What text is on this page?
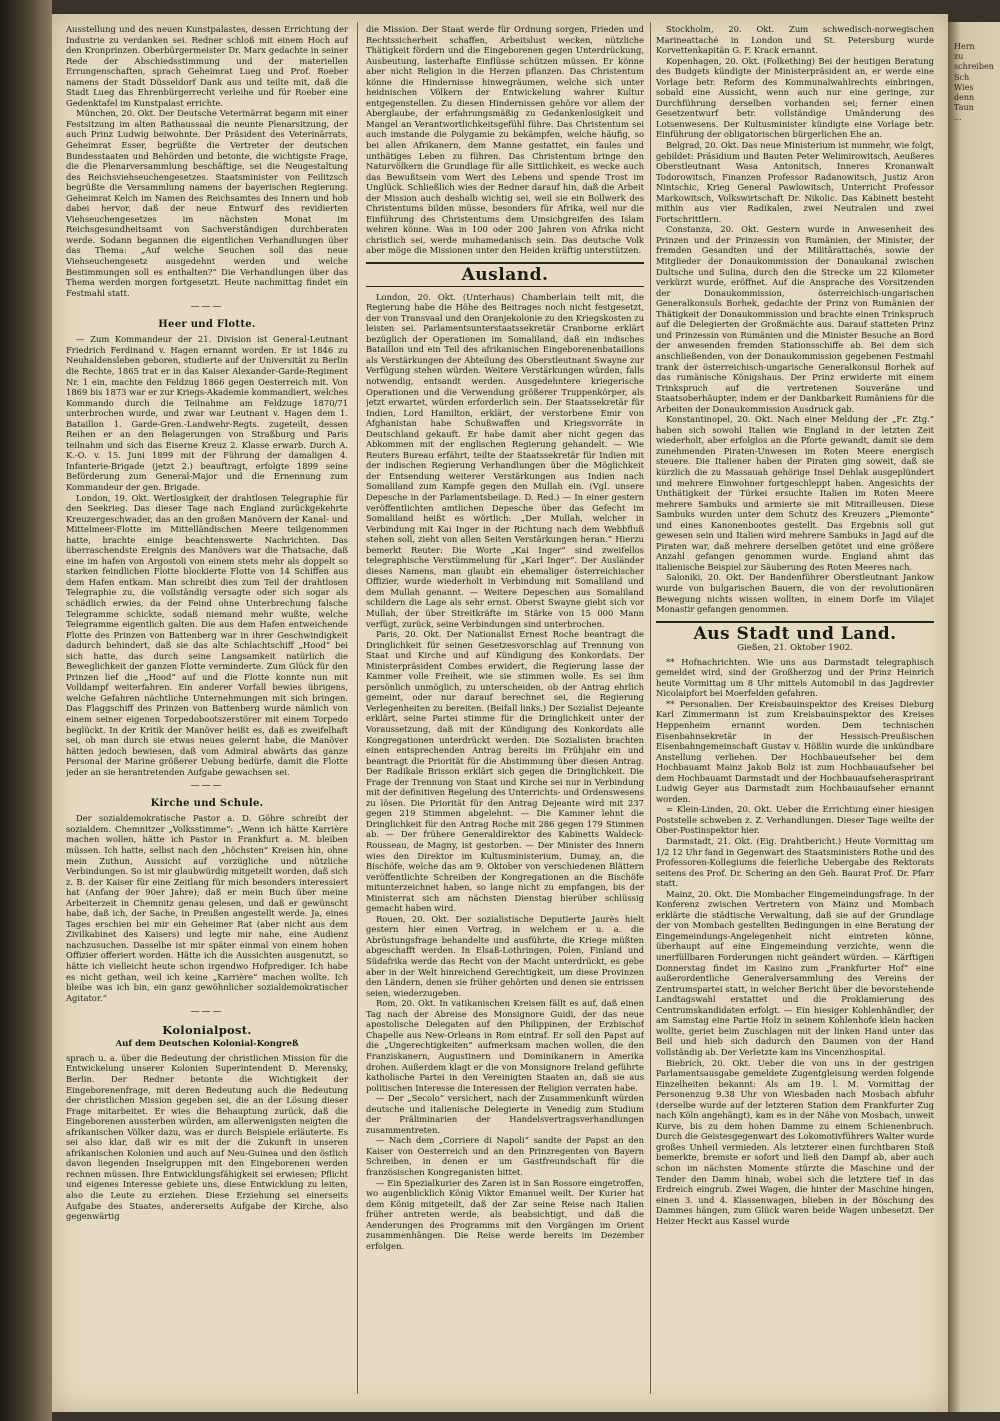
Ausstellung und des neuen Kunstpalastes, dessen Errichtung der Industrie zu verdanken sei. Redner schloß mit einem Hoch auf den Kronprinzen. Oberbürgermeister Dr. Marx gedachte in seiner Rede der Abschiedsstimmung und der materiellen Errungenschaften, sprach Geheimrat Lueg und Prof. Roeber namens der Stadt Düsseldorf Dank aus und teilte mit, daß die Stadt Lueg das Ehrenbürgerrecht verleihe und für Roeber eine Gedenktafel im Kunstpalast errichte.

München, 20. Okt. Der Deutsche Veterinärrat begann mit einer Festsitzung im alten Rathaussaal die neunte Plenarsitzung, der auch Prinz Ludwig beiwohnte. Der Präsident des Veterinärrats, Geheimrat Esser, begrüßte die Vertreter der deutschen Bundesstaaten und Behörden und betonte, die wichtigste Frage, die die Plenarversammlung beschäftige, sei die Neugestaltung des Reichsviehseuchengesetzes. Staatsminister von Feilitzsch begrüßte die Versammlung namens der bayerischen Regierung. Geheimrat Kelch im Namen des Reichsamtes des Innern und hob dabei hervor, daß der neue Entwurf des revidierten Viehseuchengesetzes im nächsten Monat im Reichsgesundheitsamt von Sachverständigen durchberaten werde. Sodann begannen die eigentlichen Verhandlungen über das Thema: „Auf welche Seuchen soll das neue Viehseuchengesetz ausgedehnt werden und welche Bestimmungen soll es enthalten?“ Die Verhandlungen über das Thema werden morgen fortgesetzt. Heute nachmittag findet ein Festmahl statt.

———
Heer und Flotte.

— Zum Kommandeur der 21. Division ist General-Leutnant Friedrich Ferdinand v. Hagen ernannt worden. Er ist 1846 zu Neuhaldensleben geboren, studierte auf der Universität zu Berlin die Rechte, 1865 trat er in das Kaiser Alexander-Garde-Regiment Nr. 1 ein, machte den Feldzug 1866 gegen Oesterreich mit. Von 1869 bis 1873 war er zur Kriegs-Akademie kommandiert, welches Kommando durch die Teilnahme am Feldzuge 1870/71 unterbrochen wurde, und zwar war Leutnant v. Hagen dem 1. Bataillon 1. Garde-Gren.-Landwehr-Regts. zugeteilt, dessen Reihen er an den Belagerungen von Straßburg und Paris teilnahm und sich das Eiserne Kreuz 2. Klasse erwarb. Durch A. K.-O. v. 15. Juni 1899 mit der Führung der damaligen 4. Infanterie-Brigade (jetzt 2.) beauftragt, erfolgte 1899 seine Beförderung zum General-Major und die Ernennung zum Kommandeur der gen. Brigade.

London, 19. Okt. Wertlosigkeit der drahtlosen Telegraphie für den Seekrieg. Das dieser Tage nach England zurückgekehrte Kreuzergeschwader, das an den großen Manövern der Kanal- und Mittelmeer-Flotte im Mittelländischen Meere teilgenommen hatte, brachte einige beachtenswerte Nachrichten. Das überraschendste Ereignis des Manövers war die Thatsache, daß eine im hafen von Argostoli von einem stets mehr als doppelt so starken feindlichen Flotte blockierte Flotte von 14 Schiffen aus dem Hafen entkam. Man schreibt dies zum Teil der drahtlosen Telegraphie zu, die vollständig versagte oder sich sogar als schädlich erwies, da der Feind ohne Unterbrechung falsche Telegramme schickte, sodaß niemand mehr wußte, welche Telegramme eigentlich galten. Die aus dem Hafen entweichende Flotte des Prinzen von Battenberg war in ihrer Geschwindigkeit dadurch behindert, daß sie das alte Schlachtschiff „Hood“ bei sich hatte, das durch seine Langsamkeit natürlich die Beweglichkeit der ganzen Flotte verminderte. Zum Glück für den Prinzen lief die „Hood“ auf und die Flotte konnte nun mit Volldampf weiterfahren. Ein anderer Vorfall bewies übrigens, welche Gefahren nächtliche Unternehmungen mit sich bringen. Das Flaggschiff des Prinzen von Battenberg wurde nämlich von einem seiner eigenen Torpedobootszerstörer mit einem Torpedo beglückt. In der Kritik der Manöver heißt es, daß es zweifelhaft sei, ob man durch sie etwas neues gelernt habe, die Manöver hätten jedoch bewiesen, daß vom Admiral abwärts das ganze Personal der Marine größerer Uebung bedürfe, damit die Flotte jeder an sie herantretenden Aufgabe gewachsen sei.

———
Kirche und Schule.

Der sozialdemokratische Pastor a. D. Göhre schreibt der sozialdem. Chemnitzer „Volksstimme“: „Wenn ich hätte Karrière machen wollen, hätte ich Pastor in Frankfurt a. M. bleiben müssen. Ich hatte, selbst nach den „höchsten“ Kreisen hin, ohne mein Zuthun, Aussicht auf vorzügliche und nützliche Verbindungen. So ist mir glaubwürdig mitgeteilt worden, daß sich z. B. der Kaiser für eine Zeitlang für mich besonders interessiert hat (Anfang der 90er Jahre); daß er mein Buch über meine Arbeiterzeit in Chemnitz genau gelesen, und daß er gewünscht habe, daß ich, der Sache, in Preußen angestellt werde. Ja, eines Tages erschien bei mir ein Geheimer Rat (aber nicht aus dem Zivilkabinet des Kaisers) und legte mir nahe, eine Audienz nachzusuchen. Dasselbe ist mir später einmal von einem hohen Offizier offeriert worden. Hätte ich die Aussichten ausgenutzt, so hätte ich vielleicht heute schon irgendwo Hofprediger. Ich habe es nicht gethan, weil ich keine „Karrière“ machen wollte. Ich bleibe was ich bin, ein ganz gewöhnlicher sozialdemokratischer Agitator.“

———
Kolonialpost.
Auf dem Deutschen Kolonial-Kongreß

sprach u. a. über die Bedeutung der christlichen Mission für die Entwickelung unserer Kolonien Superintendent D. Merensky, Berlin. Der Redner betonte die Wichtigkeit der Eingeborenenfrage, mit deren Bedeutung auch die Bedeutung der christlichen Mission gegeben sei, die an der Lösung dieser Frage mitarbeitet. Er wies die Behauptung zurück, daß die Eingeborenen aussterben würden, am allerwenigsten neigten die afrikanischen Völker dazu, was er durch Beispiele erläuterte. Es sei also klar, daß wir es mit der die Zukunft in unseren afrikanischen Kolonien und auch auf Neu-Guinea und den östlich davon liegenden Inselgruppen mit den Eingeborenen werden rechnen müssen. Ihre Entwicklungsfähigkeit sei erwiesen; Pflicht und eigenes Interesse gebiete uns, diese Entwicklung zu leiten, also die Leute zu erziehen. Diese Erziehung sei einerseits Aufgabe des Staates, andererseits Aufgabe der Kirche, also gegenwärtig

die Mission. Der Staat werde für Ordnung sorgen, Frieden und Rechtssicherheit schaffen, Arbeitslust wecken, nützliche Thätigkeit fördern und die Eingeborenen gegen Unterdrückung, Ausbeutung, lasterhafte Einflüsse schützen müssen. Er könne aber nicht Religion in die Herzen pflanzen. Das Christentum könne die Hindernisse hinwegräumen, welche sich unter heidnischen Völkern der Entwickelung wahrer Kultur entgegenstellen. Zu diesen Hindernissen gehöre vor allem der Aberglaube, der erfahrungsmäßig zu Gedankenlosigkeit und Mangel an Verantwortlichkeitsgefühl führe. Das Christentum sei auch imstande die Polygamie zu bekämpfen, welche häufig, so bei allen Afrikanern, dem Manne gestattet, ein faules und unthätiges Leben zu führen. Das Christentum bringe den Naturvölkern die Grundlage für alle Sittlichkeit, es wecke auch das Bewußtsein vom Wert des Lebens und spende Trost im Unglück. Schließlich wies der Redner darauf hin, daß die Arbeit der Mission auch deshalb wichtig sei, weil sie ein Bollwerk des Christentums bilden müsse, besonders für Afrika, weil nur die Einführung des Christentums dem Umsichgreifen des Islam wehren könne. Was in 100 oder 200 Jahren von Afrika nicht christlich sei, werde muhamedanisch sein. Das deutsche Volk aber möge die Missionen unter den Heiden kräftig unterstützen.

Ausland.

London, 20. Okt. (Unterhaus) Chamberlain teilt mit, die Regierung habe die Höhe des Beitrages noch nicht festgesetzt, der von Transvaal und den Oranjekolonie zu den Kriegskosten zu leisten sei. Parlamentsunterstaatssekretär Cranborne erklärt bezüglich der Operationen im Somaliland, daß ein indisches Bataillon und ein Teil des afrikanischen Eingeborenenbataillons als Verstärkungen der Abteilung des Oberstleutnant Swayne zur Verfügung stehen würden. Weitere Verstärkungen würden, falls notwendig, entsandt werden. Ausgedehntere kriegerische Operationen und die Verwendung größerer Truppenkörper, als jetzt erwartet, würden erforderlich sein. Der Staatssekretär für Indien, Lord Hamilton, erklärt, der verstorbene Emir von Afghanistan habe Schußwaffen und Kriegsvorräte in Deutschland gekauft. Er habe damit aber nicht gegen das Abkommen mit der englischen Regierung gehandelt. — Wie Reuters Bureau erfährt, teilte der Staatssekretär für Indien mit der indischen Regierung Verhandlungen über die Möglichkeit der Entsendung weiterer Verstärkungen aus Indien nach Somaliland zum Kampfe gegen den Mullah ein. (Vgl. unsere Depesche in der Parlamentsbeilage. D. Red.) — In einer gestern veröffentlichten amtlichen Depesche über das Gefecht im Somaliland heißt es wörtlich: „Der Mullah, welcher in Verbindung mit Kai Inger in der Richtung nach dem Webbfluß stehen soll, zieht von allen Seiten Verstärkungen heran.“ Hierzu bemerkt Reuter: Die Worte „Kai Inger“ sind zweifellos telegraphische Verstümmelung für „Karl Inger“. Der Ausländer dieses Namens, man glaubt ein ehemaliger österreichischer Offizier, wurde wiederholt in Verbindung mit Somaliland und dem Mullah genannt. — Weitere Depeschen aus Somaliland schildern die Lage als sehr ernst. Oberst Swayne giebt sich vor Mullah, der über Streitkräfte im Stärke von 15 000 Mann verfügt, zurück, seine Verbindungen sind unterbrochen.

Paris, 20. Okt. Der Nationalist Ernest Roche beantragt die Dringlichkeit für seinen Gesetzesvorschlag auf Trennung von Staat und Kirche und auf Kündigung des Konkordats. Der Ministerpräsident Combes erwidert, die Regierung lasse der Kammer volle Freiheit, wie sie stimmen wolle. Es sei ihm persönlich unmöglich, zu unterscheiden, ob der Antrag ehrlich gemeint, oder nur darauf berechnet sei, die Regierung Verlegenheiten zu bereiten. (Beifall links.) Der Sozialist Dejeante erklärt, seine Partei stimme für die Dringlichkeit unter der Voraussetzung, daß mit der Kündigung des Konkordats alle Kongregationen unterdrückt werden. Die Sozialisten brachten einen entsprechenden Antrag bereits im Frühjahr ein und beantragt die Priorität für die Abstimmung über diesen Antrag. Der Radikale Brisson erklärt sich gegen die Dringlichkeit. Die Frage der Trennung von Staat und Kirche sei nur in Verbindung mit der definitiven Regelung des Unterrichts- und Ordenswesens zu lösen. Die Priorität für den Antrag Dejeante wird mit 237 gegen 219 Stimmen abgelehnt. — Die Kammer lehnt die Dringlichkeit für den Antrag Roche mit 286 gegen 179 Stimmen ab. — Der frühere Generaldirektor des Kabinetts Waldeck-Rousseau, de Magny, ist gestorben. — Der Minister des Innern wies den Direktor im Kultusministerium, Dumay, an, die Bischöfe, welche das am 9. Oktober von verschiedenen Blättern veröffentlichte Schreiben der Kongregationen an die Bischöfe mitunterzeichnet haben, so lange nicht zu empfangen, bis der Ministerrat sich am nächsten Dienstag hierüber schlüssig gemacht haben wird.

Rouen, 20. Okt. Der sozialistische Deputierte Jaurès hielt gestern hier einen Vortrag, in welchem er u. a. die Abrüstungsfrage behandelte und ausführte, die Kriege müßten abgeschafft werden. In Elsaß-Lothringen, Polen, Finland und Südafrika werde das Recht von der Macht unterdrückt, es gebe aber in der Welt hinreichend Gerechtigkeit, um diese Provinzen den Ländern, denen sie früher gehörten und denen sie entrissen seien, wiederzugeben.

Rom, 20. Okt. In vatikanischen Kreisen fällt es auf, daß einen Tag nach der Abreise des Monsignore Guidi, der das neue apostolische Delegaten auf den Philippinen, der Erzbischof Chapelle aus New-Orleans in Rom eintraf. Er soll den Papst auf die „Ungerechtigkeiten“ aufmerksam machen wollen, die den Franziskanern, Augustinern und Dominikanern in Amerika drohen. Außerdem klagt er die von Monsignore Ireland geführte katholische Partei in den Vereinigten Staaten an, daß sie aus politischen Interesse die Interessen der Religion verraten habe.

— Der „Secolo“ versichert, nach der Zusammenkunft würden deutsche und italienische Delegierte in Venedig zum Studium der Präliminarien der Handelsvertragsverhandlungen zusammentreten.

— Nach dem „Corriere di Napoli“ sandte der Papst an den Kaiser von Oesterreich und an den Prinzregenten von Bayern Schreiben, in denen er um Gastfreundschaft für die französischen Kongreganisten bittet.

— Ein Spezialkurier des Zaren ist in San Rossore eingetroffen, wo augenblicklich König Viktor Emanuel weilt. Der Kurier hat dem König mitgeteilt, daß der Zar seine Reise nach Italien früher antreten werde, als beabsichtigt, und daß die Aenderungen des Programms mit den Vorgängen im Orient zusammenhängen. Die Reise werde bereits im Dezember erfolgen.

Stockholm, 20. Okt. Zum schwedisch-norwegischen Marineattaché in London und St. Petersburg wurde Korvettenkapitän G. F. Krack ernannt.

Kopenhagen, 20. Okt. (Folkething) Bei der heutigen Beratung des Budgets kündigte der Ministerpräsident an, er werde eine Vorlage betr. Reform des Kommunalwahlrechts einbringen, sobald eine Aussicht, wenn auch nur eine geringe, zur Durchführung derselben vorhanden sei; ferner einen Gesetzentwurf betr. vollständige Umänderung des Lotsenwesens. Der Kultusminister kündigte eine Vorlage betr. Einführung der obligatorischen bürgerlichen Ehe an.

Belgrad, 20. Okt. Das neue Ministerium ist nunmehr, wie folgt, gebildet: Präsidium und Bauten Peter Welimirowitsch, Aeußeres Oberstleutnant Wasa Antonitsch, Inneres Kronanwalt Todorowitsch, Finanzen Professor Radanowitsch, Justiz Aron Nintschic, Krieg General Pawlowitsch, Unterricht Professor Markowitsch, Volkswirtschaft Dr. Nikolic. Das Kabinett besteht mithin aus vier Radikalen, zwei Neutralen und zwei Fortschrittlern.

Constanza, 20. Okt. Gestern wurde in Anwesenheit des Prinzen und der Prinzessin von Rumänien, der Minister, der fremden Gesandten und der Militärattachés, sowie der Mitglieder der Donaukommission der Donaukanal zwischen Dultsche und Sulina, durch den die Strecke um 22 Kilometer verkürzt wurde, eröffnet. Auf die Ansprache des Vorsitzenden der Donaukommission, österreichisch-ungarischen Generalkonsuls Borhek, gedachte der Prinz von Rumänien der Thätigkeit der Donaukommission und brachte einen Trinkspruch auf die Delegierten der Großmächte aus. Darauf statteten Prinz und Prinzessin von Rumänien und die Minister Besuche an Bord der anwesenden fremden Stationsschiffe ab. Bei dem sich anschließenden, von der Donaukommission gegebenen Festmahl trank der österreichisch-ungarische Generalkonsul Borhek auf das rumänische Königshaus. Der Prinz erwiderte mit einem Trinkspruch auf die vertretenen Souveräne und Staatsoberhäupter, indem er der Dankbarkeit Rumäniens für die Arbeiten der Donaukommission Ausdruck gab.

Konstantinopel, 20. Okt. Nach einer Meldung der „Fr. Ztg.“ haben sich sowohl Italien wie England in der letzten Zeit wiederholt, aber erfolglos an die Pforte gewandt, damit sie dem zunehmenden Piraten-Unwesen im Roten Meere energisch steuere. Die Italiener haben der Piraten ging soweit, daß sie kürzlich die zu Massauah gehörige Insel Dehlak ausgeplündert und mehrere Einwohner fortgeschleppt haben. Angesichts der Unthätigkeit der Türkei ersuchte Italien im Roten Meere mehrere Sambuks und armierte sie mit Mitrailleusen. Diese Sambuks wurden unter dem Schutz des Kreuzers „Piemonte“ und eines Kanonenbootes gestellt. Das Ergebnis soll gut gewesen sein und Italien wird mehrere Sambuks in Jagd auf die Piraten war, daß mehrere derselben getötet und eine größere Anzahl gefangen genommen wurde. England ahmt das italienische Beispiel zur Säuberung des Roten Meeres nach.

Saloniki, 20. Okt. Der Bandenführer Oberstleutnant Jankow wurde von bulgarischen Bauern, die von der revolutionären Bewegung nichts wissen wollten, in einem Dorfe im Vilajet Monastir gefangen genommen.

Aus Stadt und Land.
Gießen, 21. Oktober 1902.

** Hofnachrichten. Wie uns aus Darmstadt telegraphisch gemeldet wird, sind der Großherzog und der Prinz Heinrich heute Vormittag um 8 Uhr mittels Automobil in das Jagdrevier Nicolaipfort bei Moerfelden gefahren.

** Personalien. Der Kreisbauinspektor des Kreises Dieburg Karl Zimmermann ist zum Kreisbauinspektor des Kreises Heppenheim ernannt worden. Dem technischen Eisenbahnsekretär in der Hessisch-Preußischen Eisenbahngemeinschaft Gustav v. Hößlin wurde die unkündbare Anstellung verliehen. Der Hochbaueufseher bei dem Hochbauamt Mainz Jakob Bolz ist zum Hochbauaufseher bei dem Hochbauamt Darmstadt und der Hochbauaufseherasprirant Ludwig Geyer aus Darmstadt zum Hochbauaufseher ernannt worden.

= Klein-Linden, 20. Okt. Ueber die Errichtung einer hiesigen Poststelle schweben z. Z. Verhandlungen. Dieser Tage weilte der Ober-Postinspektor hier.

Darmstadt, 21. Okt. (Eig. Drahtbericht.) Heute Vormittag um 1/2 12 Uhr fand in Gegenwart des Staatsministers Rothe und des Professoren-Kollegiums die feierliche Uebergabe des Rektorats seitens des Prof. Dr. Schering an den Geh. Baurat Prof. Dr. Pfarr statt.

Mainz, 20. Okt. Die Mombacher Eingemeindungsfrage. In der Konferenz zwischen Vertretern von Mainz und Mombach erklärte die städtische Verwaltung, daß sie auf der Grundlage der von Mombach gestellten Bedingungen in eine Beratung der Eingemeindungs-Angelegenheit nicht eintreten könne, überhaupt auf eine Eingemeindung verzichte, wenn die unerfüllbaren Forderungen nicht geändert würden. — Kärftigen Donnerstag findet im Kasino zum „Frankfurter Hof“ eine außerordentliche Generalversammlung des Vereins der Zentrumspartei statt, in welcher Bericht über die bevorstehende Landtagswahl erstattet und die Proklamierung des Centrumskandidaten erfolgt. — Ein hiesiger Kohlenhändler, der am Samstag eine Partie Holz in seinem Kohlenhofe klein hacken wollte, geriet beim Zuschlagen mit der linken Hand unter das Beil und hieb sich dadurch den Daumen von der Hand vollständig ab. Der Verletzte kam ins Vincenzhospital.

Biebrich, 20. Okt. Ueber die von uns in der gestrigen Parlamentsausgabe gemeldete Zugentgleisung werden folgende Einzelheiten bekannt: Als am 19. l. M. Vormittag der Personenzug 9.38 Uhr von Wiesbaden nach Mosbach abfuhr (derselbe wurde auf der letzteren Station dem Frankfurter Zug nach Köln angehängt), kam es in der Nähe von Mosbach, unweit Kurve, bis zu dem hohen Damme zu einem Schienenbruch. Durch die Geistesgegenwart des Lokomotivführers Walter wurde großes Unheil vermieden. Als letzterer einen furchtbaren Stoß bemerkte, bremste er sofort und ließ den Dampf ab, aber auch schon im nächsten Momente stürzte die Maschine und der Tender den Damm hinab, wobei sich die letztere tief in das Erdreich eingrub. Zwei Wagen, die hinter der Maschine hingen, einen 3. und 4. Klassenwagen, blieben in der Böschung des Dammes hängen, zum Glück waren beide Wagen unbesetzt. Der Heizer Heckt aus Kassel wurde

Hern
zu
schreiben
Sch
Wies
denn
Taun
...
